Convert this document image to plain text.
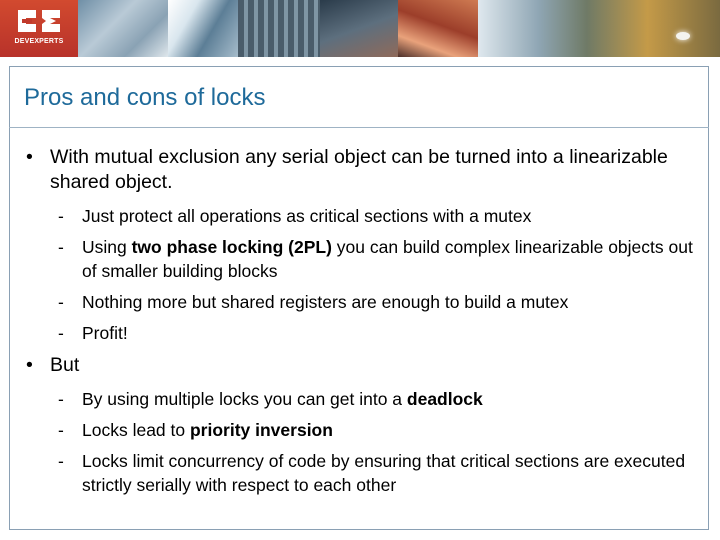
DEVEXPERTS
Pros and cons of locks
• With mutual exclusion any serial object can be turned into a linearizable shared object.
-	Just protect all operations as critical sections with a mutex
-	Using two phase locking (2PL) you can build complex linearizable objects out of smaller building blocks
-	Nothing more but shared registers are enough to build a mutex
-	Profit!
• But
-	By using multiple locks you can get into a deadlock
-	Locks lead to priority inversion
-	Locks limit concurrency of code by ensuring that critical sections are executed strictly serially with respect to each other
